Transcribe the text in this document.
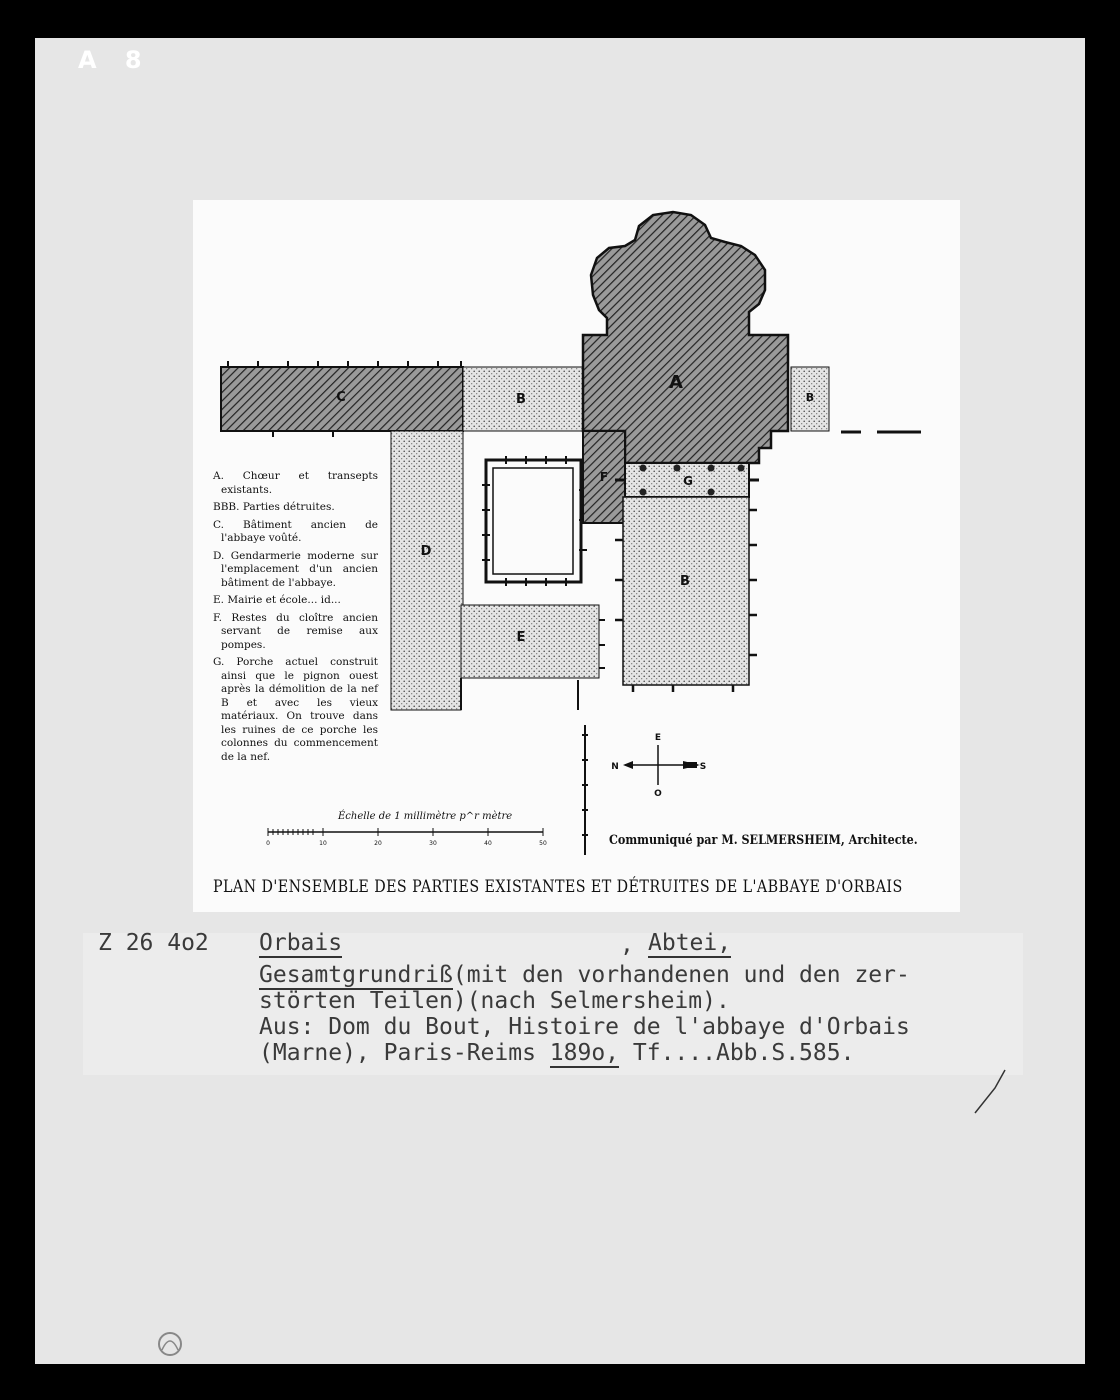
A 8
A
B	B
B
C
D
E
F	G
E
N	S
O
0	10	20	30	40	50

A. Chœur et transepts existants.

BBB. Parties détruites.

C. Bâtiment ancien de l'abbaye voûté.

D. Gendarmerie moderne sur l'emplacement d'un ancien bâtiment de l'abbaye.

E. Mairie et école... id...

F. Restes du cloître ancien servant de remise aux pompes.

G. Porche actuel construit ainsi que le pignon ouest après la démolition de la nef B et avec les vieux matériaux. On trouve dans les ruines de ce porche les colonnes du commencement de la nef.

Échelle de 1 millimètre p^r mètre
Communiqué par M. SELMERSHEIM, Architecte.
PLAN D'ENSEMBLE DES PARTIES EXISTANTES ET DÉTRUITES DE L'ABBAYE D'ORBAIS
Z 26 4o2 Orbais	, Abtei,
Gesamtgrundriß(mit den vorhandenen und den zer-
störten Teilen)(nach Selmersheim).
Aus: Dom du Bout, Histoire de l'abbaye d'Orbais
(Marne), Paris-Reims 189o, Tf....Abb.S.585.
